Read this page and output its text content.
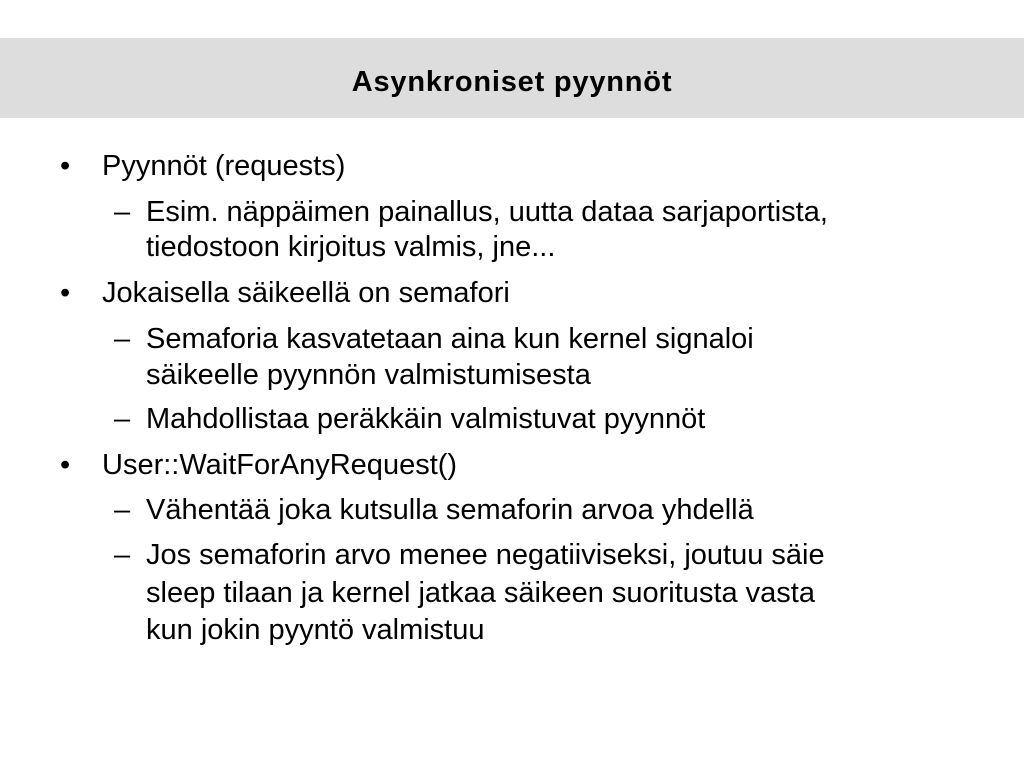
Asynkroniset pyynnöt
• Pyynnöt (requests)
– Esim. näppäimen painallus, uutta dataa sarjaportista,
tiedostoon kirjoitus valmis, jne...
• Jokaisella säikeellä on semafori
– Semaforia kasvatetaan aina kun kernel signaloi
säikeelle pyynnön valmistumisesta
– Mahdollistaa peräkkäin valmistuvat pyynnöt
• User::WaitForAnyRequest()
– Vähentää joka kutsulla semaforin arvoa yhdellä
– Jos semaforin arvo menee negatiiviseksi, joutuu säie
sleep tilaan ja kernel jatkaa säikeen suoritusta vasta
kun jokin pyyntö valmistuu
